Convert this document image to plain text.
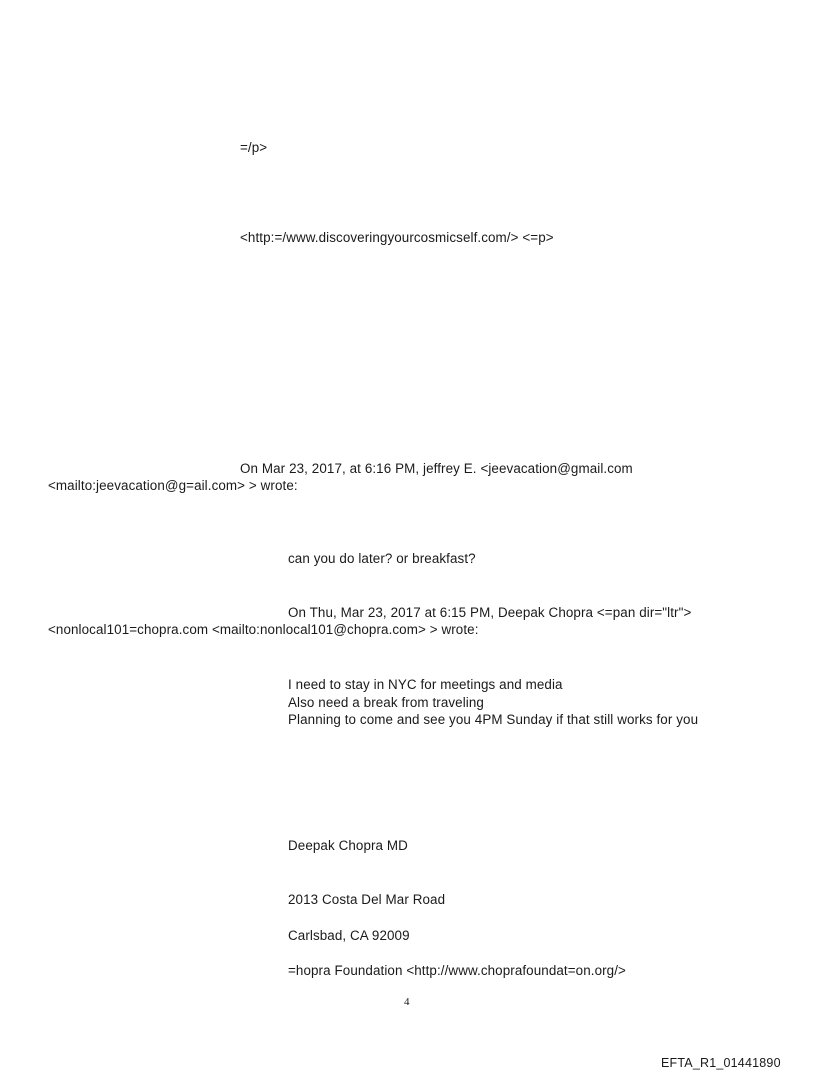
=/p>
<http:=/www.discoveringyourcosmicself.com/> <=p>
On Mar 23, 2017, at 6:16 PM, jeffrey E. <jeevacation@gmail.com
<mailto:jeevacation@g=ail.com> > wrote:
can you do later? or breakfast?
On Thu, Mar 23, 2017 at 6:15 PM, Deepak Chopra <=pan dir="ltr">
<nonlocal101=chopra.com <mailto:nonlocal101@chopra.com> > wrote:
I need to stay in NYC for meetings and media
Also need a break from traveling
Planning to come and see you 4PM Sunday if that still works for you
Deepak Chopra MD
2013 Costa Del Mar Road
Carlsbad, CA 92009
=hopra Foundation <http://www.choprafoundat=on.org/>
4
EFTA_R1_01441890
